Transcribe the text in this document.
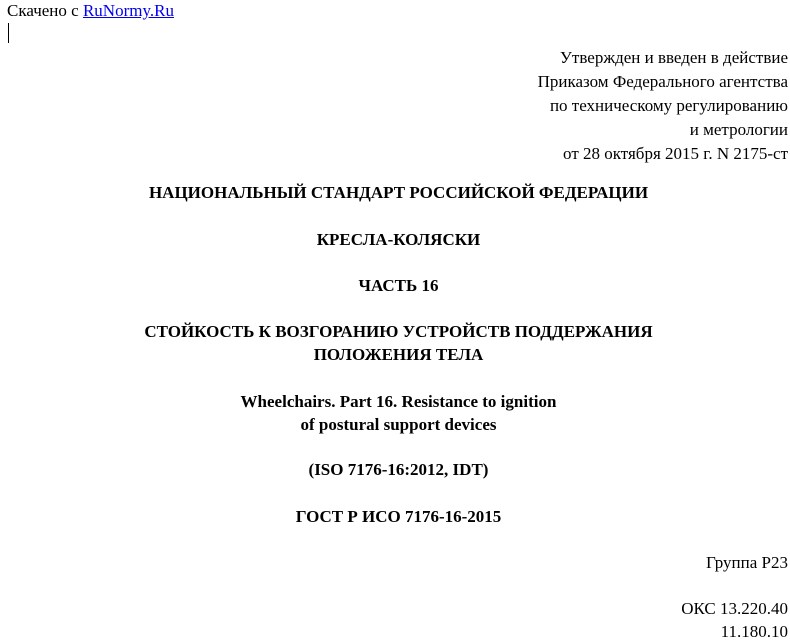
Скачено с RuNormy.Ru
Утвержден и введен в действие
Приказом Федерального агентства
по техническому регулированию
и метрологии
от 28 октября 2015 г. N 2175-ст
НАЦИОНАЛЬНЫЙ СТАНДАРТ РОССИЙСКОЙ ФЕДЕРАЦИИ
КРЕСЛА-КОЛЯСКИ
ЧАСТЬ 16
СТОЙКОСТЬ К ВОЗГОРАНИЮ УСТРОЙСТВ ПОДДЕРЖАНИЯ
ПОЛОЖЕНИЯ ТЕЛА
Wheelchairs. Part 16. Resistance to ignition
of postural support devices
(ISO 7176-16:2012, IDT)
ГОСТ Р ИСО 7176-16-2015
Группа Р23
ОКС 13.220.40
11.180.10
